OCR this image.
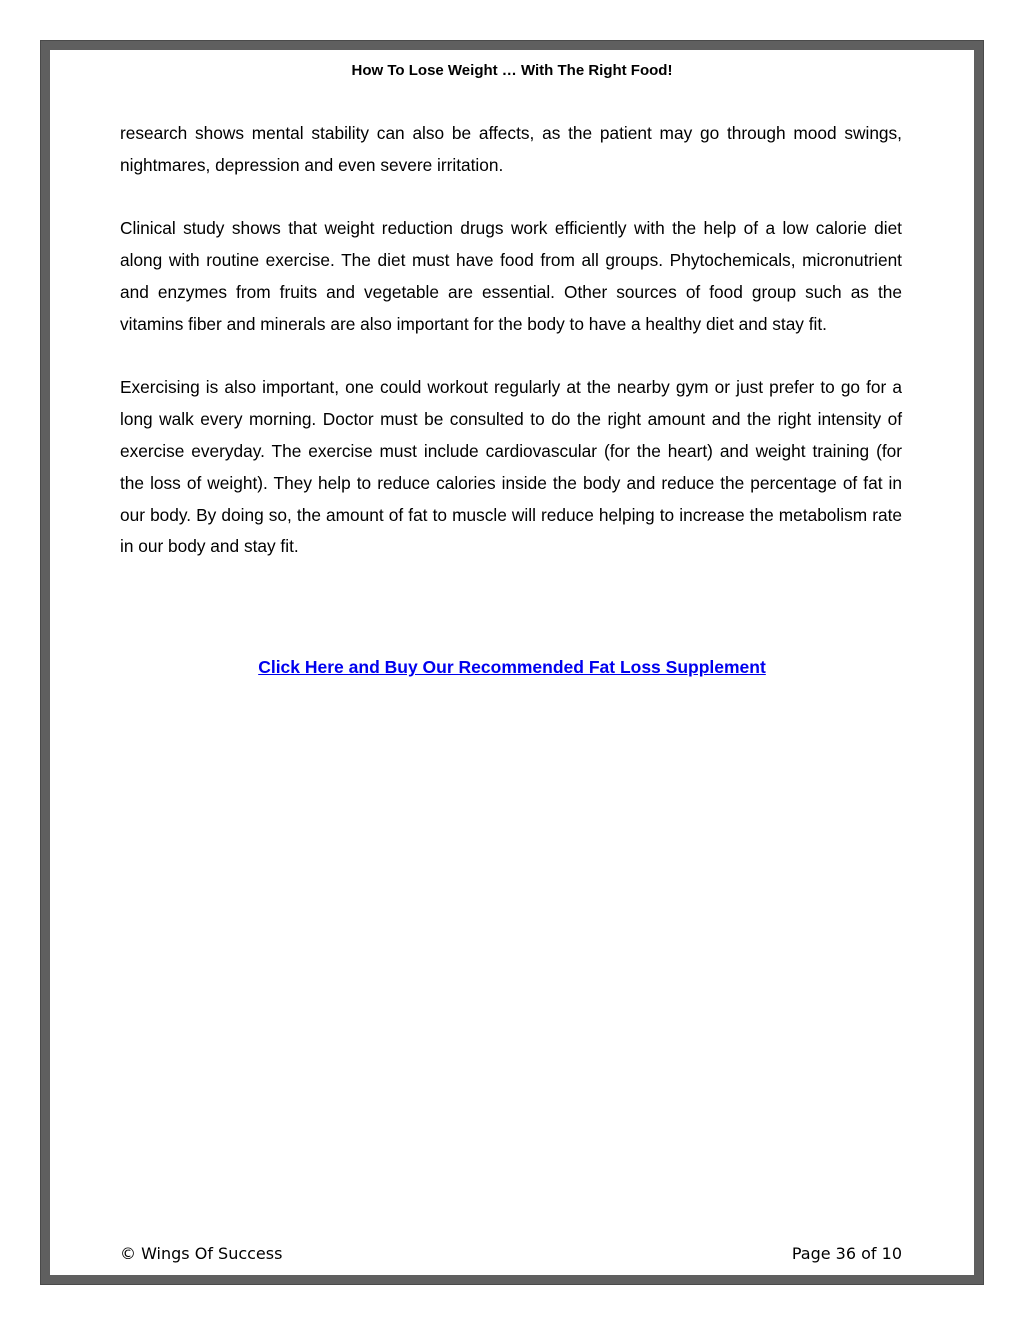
How To Lose Weight … With The Right Food!

research shows mental stability can also be affects, as the patient may go through mood swings, nightmares, depression and even severe irritation.

Clinical study shows that weight reduction drugs work efficiently with the help of a low calorie diet along with routine exercise. The diet must have food from all groups. Phytochemicals, micronutrient and enzymes from fruits and vegetable are essential. Other sources of food group such as the vitamins fiber and minerals are also important for the body to have a healthy diet and stay fit.

Exercising is also important, one could workout regularly at the nearby gym or just prefer to go for a long walk every morning. Doctor must be consulted to do the right amount and the right intensity of exercise everyday. The exercise must include cardiovascular (for the heart) and weight training (for the loss of weight). They help to reduce calories inside the body and reduce the percentage of fat in our body. By doing so, the amount of fat to muscle will reduce helping to increase the metabolism rate in our body and stay fit.

Click Here and Buy Our Recommended Fat Loss Supplement
© Wings Of Success	Page 36 of 10
